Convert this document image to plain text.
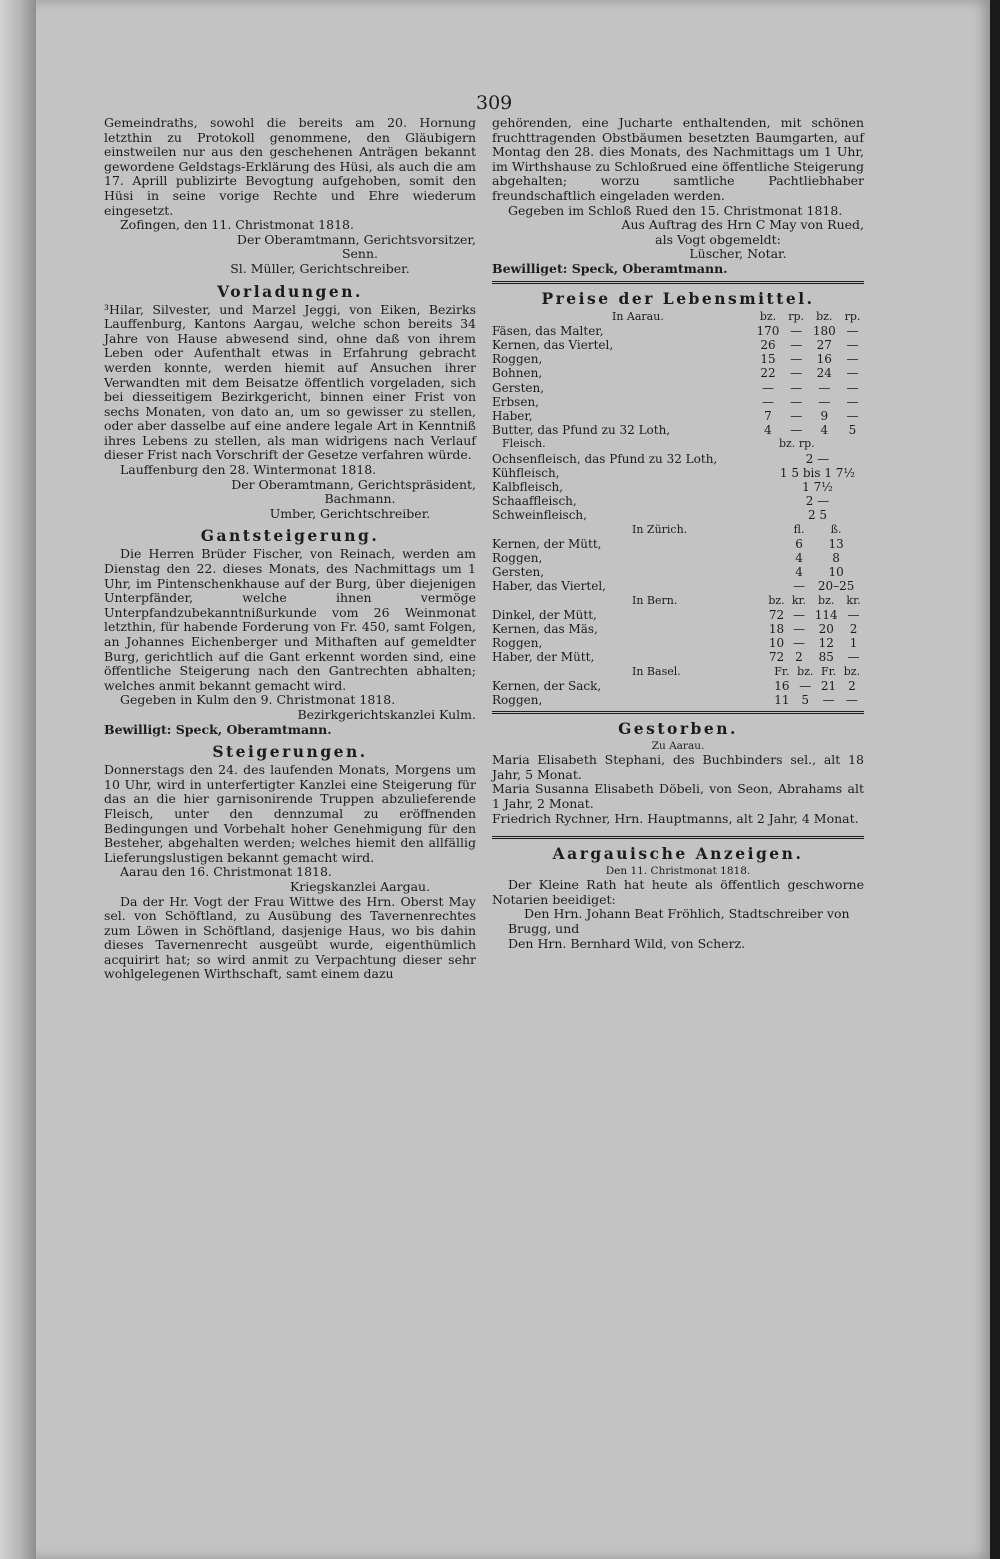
309

Gemeindraths, sowohl die bereits am 20. Hornung letzthin zu Protokoll genommene, den Gläubigern einstweilen nur aus den geschehenen Anträgen bekannt gewordene Geldstags-Erklärung des Hüsi, als auch die am 17. Aprill publizirte Bevogtung aufgehoben, somit den Hüsi in seine vorige Rechte und Ehre wiederum eingesetzt.

Zofingen, den 11. Christmonat 1818.

Der Oberamtmann, Gerichtsvorsitzer,

Senn.

Sl. Müller, Gerichtschreiber.

Vorladungen.

³Hilar, Silvester, und Marzel Jeggi, von Eiken, Bezirks Lauffenburg, Kantons Aargau, welche schon bereits 34 Jahre von Hause abwesend sind, ohne daß von ihrem Leben oder Aufenthalt etwas in Erfahrung gebracht werden konnte, werden hiemit auf Ansuchen ihrer Verwandten mit dem Beisatze öffentlich vorgeladen, sich bei diesseitigem Bezirkgericht, binnen einer Frist von sechs Monaten, von dato an, um so gewisser zu stellen, oder aber dasselbe auf eine andere legale Art in Kenntniß ihres Lebens zu stellen, als man widrigens nach Verlauf dieser Frist nach Vorschrift der Gesetze verfahren würde.

Lauffenburg den 28. Wintermonat 1818.

Der Oberamtmann, Gerichtspräsident,

Bachmann.

Umber, Gerichtschreiber.

Gantsteigerung.

Die Herren Brüder Fischer, von Reinach, werden am Dienstag den 22. dieses Monats, des Nachmittags um 1 Uhr, im Pintenschenkhause auf der Burg, über diejenigen Unterpfänder, welche ihnen vermöge Unterpfandzubekanntnißurkunde vom 26 Weinmonat letzthin, für habende Forderung von Fr. 450, samt Folgen, an Johannes Eichenberger und Mithaften auf gemeldter Burg, gerichtlich auf die Gant erkennt worden sind, eine öffentliche Steigerung nach den Gantrechten abhalten; welches anmit bekannt gemacht wird.

Gegeben in Kulm den 9. Christmonat 1818.

Bezirkgerichtskanzlei Kulm.

Bewilligt: Speck, Oberamtmann.

Steigerungen.

Donnerstags den 24. des laufenden Monats, Morgens um 10 Uhr, wird in unterfertigter Kanzlei eine Steigerung für das an die hier garnisonirende Truppen abzulieferende Fleisch, unter den dennzumal zu eröffnenden Bedingungen und Vorbehalt hoher Genehmigung für den Besteher, abgehalten werden; welches hiemit den allfällig Lieferungslustigen bekannt gemacht wird.

Aarau den 16. Christmonat 1818.

Kriegskanzlei Aargau.

Da der Hr. Vogt der Frau Wittwe des Hrn. Oberst May sel. von Schöftland, zu Ausübung des Tavernenrechtes zum Löwen in Schöftland, dasjenige Haus, wo bis dahin dieses Tavernenrecht ausgeübt wurde, eigenthümlich acquirirt hat; so wird anmit zu Verpachtung dieser sehr wohlgelegenen Wirthschaft, samt einem dazu

gehörenden, eine Jucharte enthaltenden, mit schönen fruchttragenden Obstbäumen besetzten Baumgarten, auf Montag den 28. dies Monats, des Nachmittags um 1 Uhr, im Wirthshause zu Schloßrued eine öffentliche Steigerung abgehalten; worzu samtliche Pachtliebhaber freundschaftlich eingeladen werden.

Gegeben im Schloß Rued den 15. Christmonat 1818.

Aus Auftrag des Hrn C May von Rued,

als Vogt obgemeldt:

Lüscher, Notar.

Bewilliget: Speck, Oberamtmann.

Preise der Lebensmittel.
In Aarau.	bz.	rp.	bz.	rp.
Fäsen, das Malter,	170	—	180	—
Kernen, das Viertel,	26	—	27	—
Roggen,	15	—	16	—
Bohnen,	22	—	24	—
Gersten,	—	—	—	—
Erbsen,	—	—	—	—
Haber,	7	—	9	—
Butter, das Pfund zu 32 Loth,	4	—	4	5
Fleisch.	bz. rp.
Ochsenfleisch, das Pfund zu 32 Loth,	2 —
Kühfleisch,	1 5 bis 1 7½
Kalbfleisch,	1 7½
Schaaffleisch,	2 —
Schweinfleisch,	2 5
In Zürich.	fl.	ß.
Kernen, der Mütt,	6	13
Roggen,	4	8
Gersten,	4	10
Haber, das Viertel,	—	20–25
In Bern.	bz.	kr.	bz.	kr.
Dinkel, der Mütt,	72	—	114	—
Kernen, das Mäs,	18	—	20	2
Roggen,	10	—	12	1
Haber, der Mütt,	72	2	85	—
In Basel.	Fr.	bz.	Fr.	bz.
Kernen, der Sack,	16	—	21	2
Roggen,	11	5	—	—
Gestorben.

Zu Aarau.

Maria Elisabeth Stephani, des Buchbinders sel., alt 18 Jahr, 5 Monat.

Maria Susanna Elisabeth Döbeli, von Seon, Abrahams alt 1 Jahr, 2 Monat.

Friedrich Rychner, Hrn. Hauptmanns, alt 2 Jahr, 4 Monat.

Aargauische Anzeigen.

Den 11. Christmonat 1818.

Der Kleine Rath hat heute als öffentlich geschworne Notarien beeidiget:

Den Hrn. Johann Beat Fröhlich, Stadtschreiber von Brugg, und

Den Hrn. Bernhard Wild, von Scherz.
